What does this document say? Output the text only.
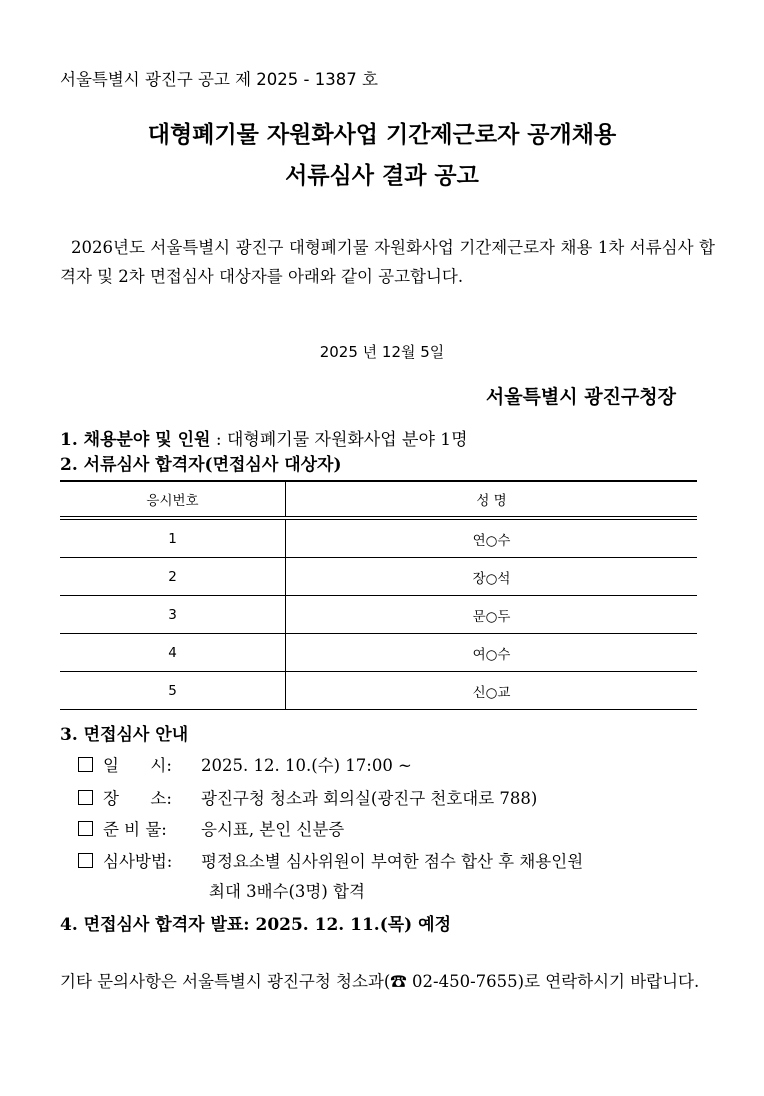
서울특별시 광진구 공고 제 2025 - 1387 호
대형폐기물 자원화사업 기간제근로자 공개채용
서류심사 결과 공고
2026년도 서울특별시 광진구 대형폐기물 자원화사업 기간제근로자 채용 1차 서류심사 합격자 및 2차 면접심사 대상자를 아래와 같이 공고합니다.
2025 년 12월 5일
서울특별시 광진구청장
1. 채용분야 및 인원 : 대형폐기물 자원화사업 분야 1명
2. 서류심사 합격자(면접심사 대상자)
응시번호	성 명
1	연○수
2	장○석
3	문○두
4	여○수
5	신○교
3. 면접심사 안내
일      시: 2025. 12. 10.(수) 17:00 ~
장      소: 광진구청 청소과 회의실(광진구 천호대로 788)
준 비 물: 응시표, 본인 신분증
심사방법: 평정요소별 심사위원이 부여한 점수 합산 후 채용인원
최대 3배수(3명) 합격
4. 면접심사 합격자 발표: 2025. 12. 11.(목) 예정
기타 문의사항은 서울특별시 광진구청 청소과(☎ 02-450-7655)로 연락하시기 바랍니다.
